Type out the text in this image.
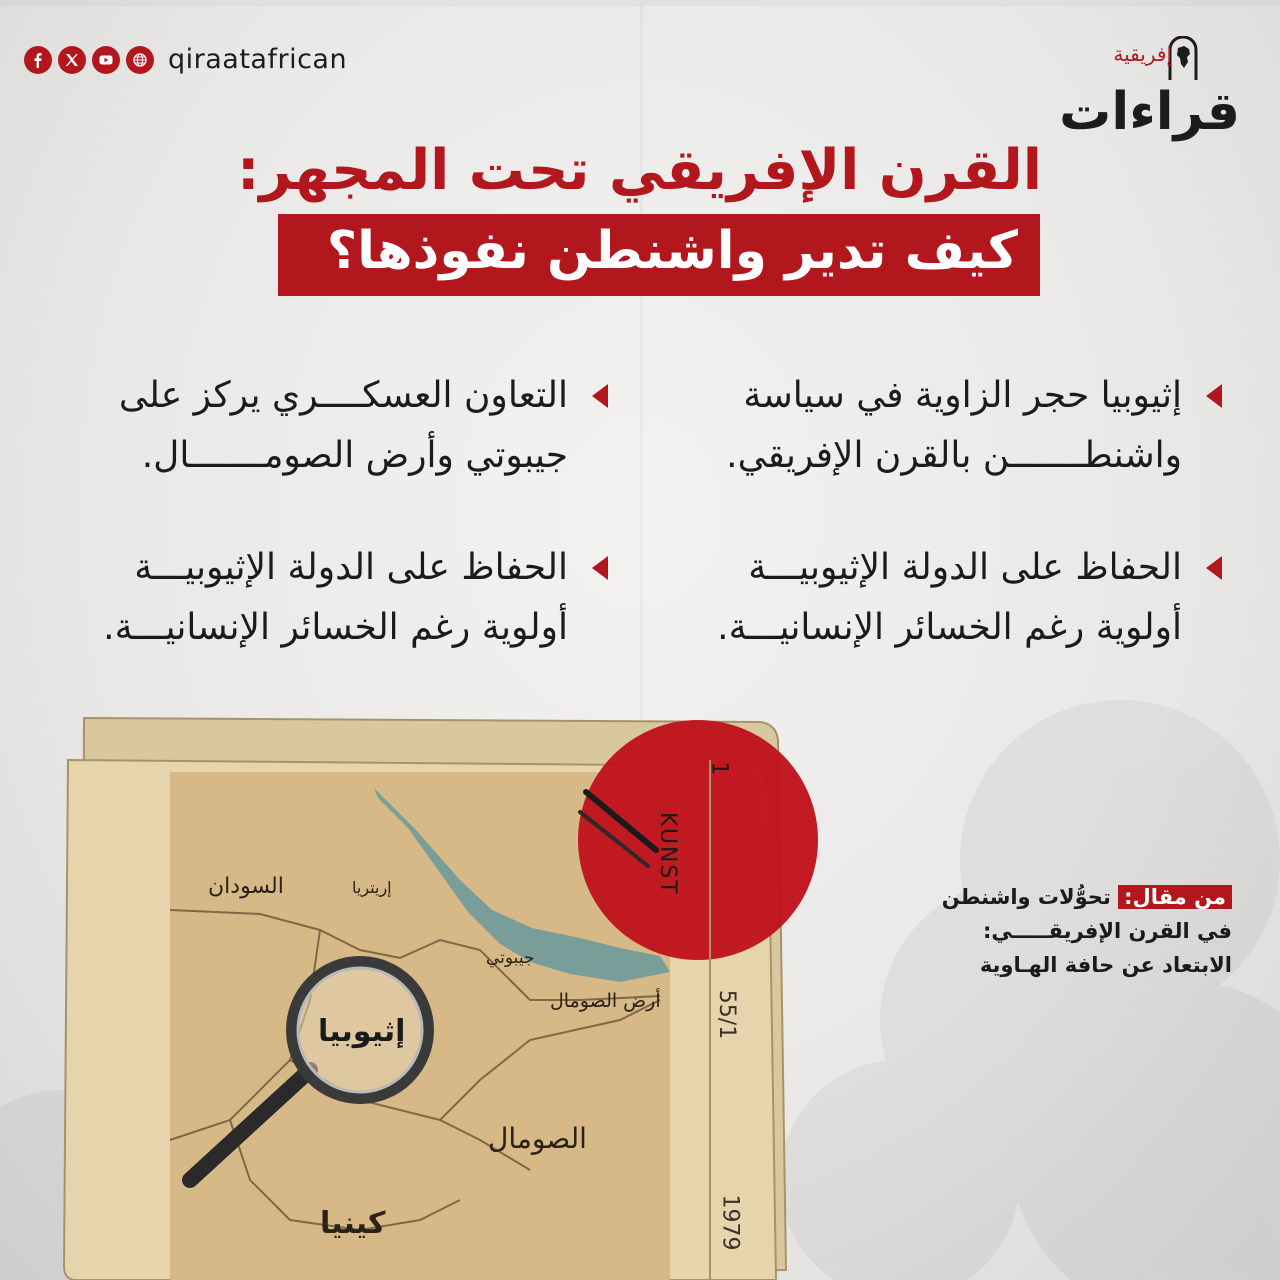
qiraatafrican	إفريقية
قراءات
القرن الإفريقي تحت المجهر:
كيف تدير واشنطن نفوذها؟
إثيوبيا حجر الزاوية في سياسة
واشنطـــــــن بالقرن الإفريقي.
التعاون العسكــــري يركز على
جيبوتي وأرض الصومـــــــال.
الحفاظ على الدولة الإثيوبيـــة
أولوية رغم الخسائر الإنسانيـــة.
الحفاظ على الدولة الإثيوبيـــة
أولوية رغم الخسائر الإنسانيـــة.
السودان	إريتريا
جيبوتي
أرض الصومال
إثيوبيا
الصومال
كينيا
1
KUNST
55/1
1979
من مقال: تحوُّلات واشنطن
في القرن الإفريقـــــي:
الابتعاد عن حافة الهـاوية
